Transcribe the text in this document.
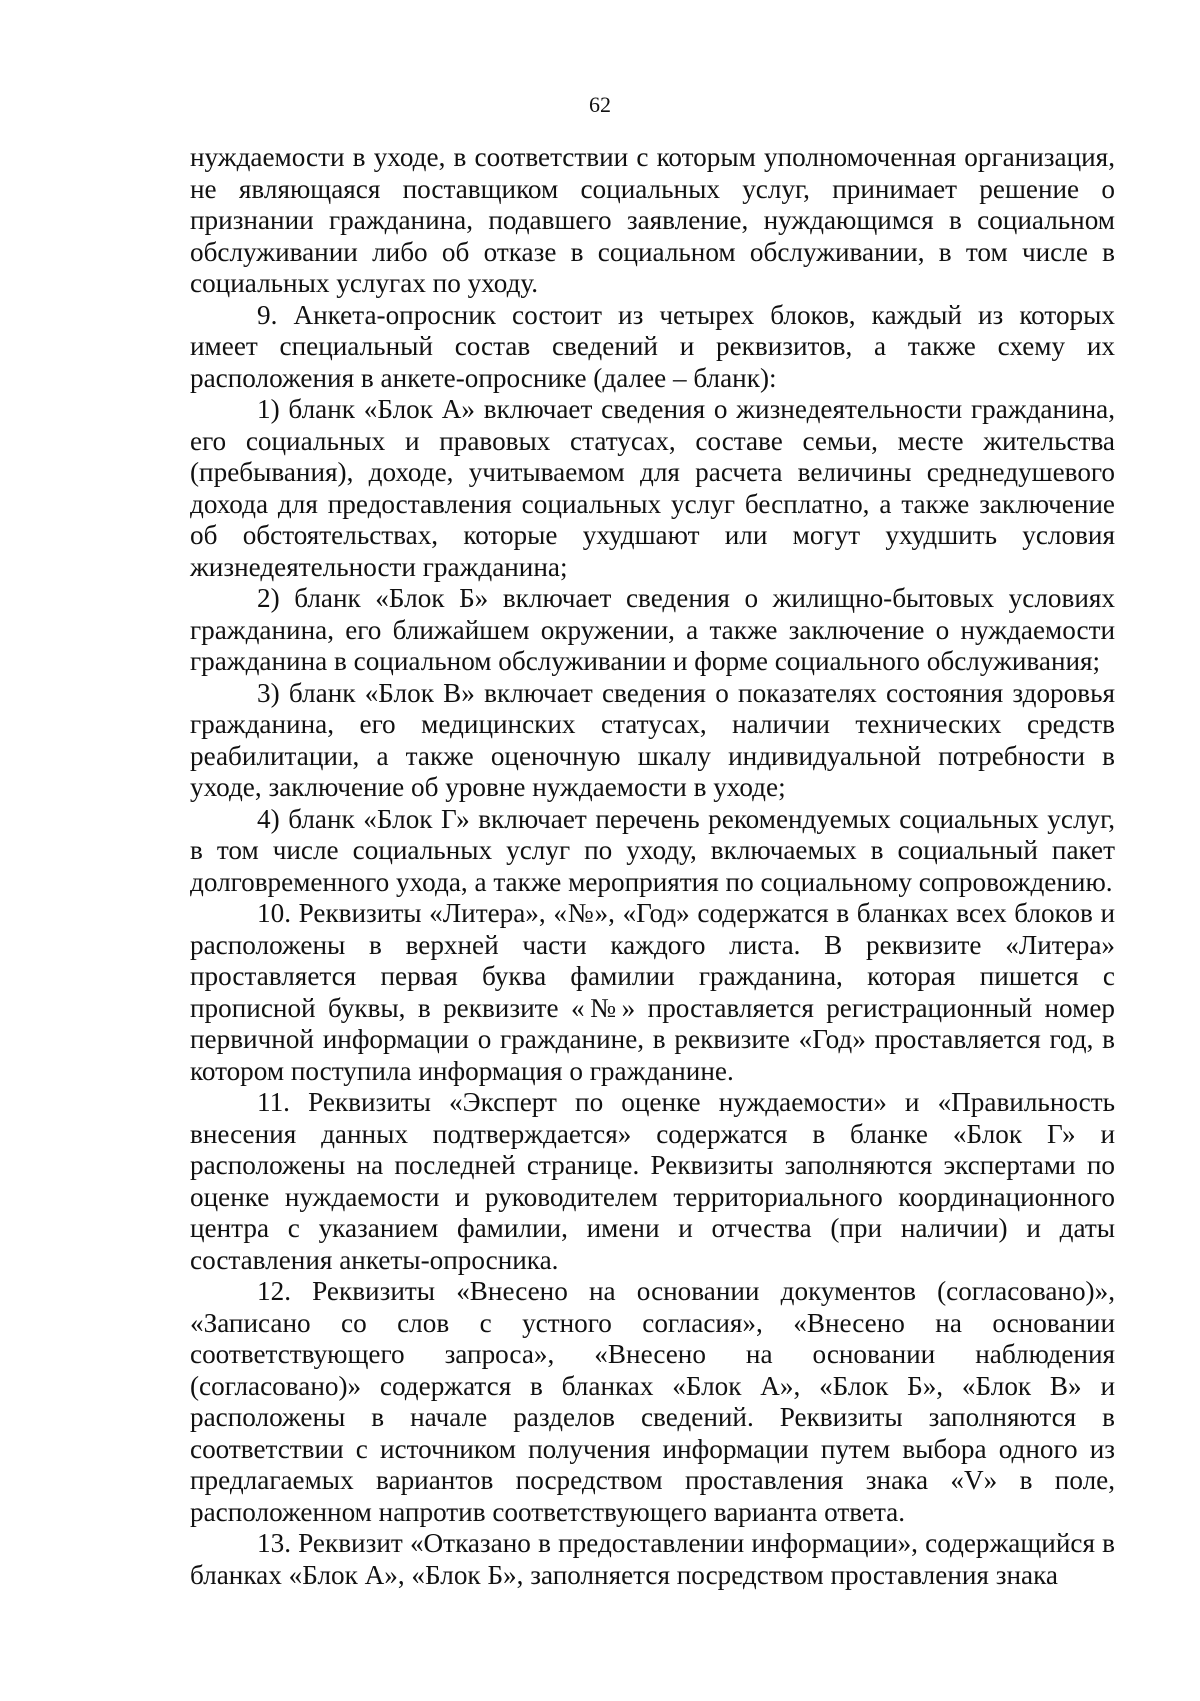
62

нуждаемости в уходе, в соответствии с которым уполномоченная организация, не являющаяся поставщиком социальных услуг, принимает решение о признании гражданина, подавшего заявление, нуждающимся в социальном обслуживании либо об отказе в социальном обслуживании, в том числе в социальных услугах по уходу.

9. Анкета-опросник состоит из четырех блоков, каждый из которых имеет специальный состав сведений и реквизитов, а также схему их расположения в анкете-опроснике (далее – бланк):

1) бланк «Блок А» включает сведения о жизнедеятельности гражданина, его социальных и правовых статусах, составе семьи, месте жительства (пребывания), доходе, учитываемом для расчета величины среднедушевого дохода для предоставления социальных услуг бесплатно, а также заключение об обстоятельствах, которые ухудшают или могут ухудшить условия жизнедеятельности гражданина;

2) бланк «Блок Б» включает сведения о жилищно-бытовых условиях гражданина, его ближайшем окружении, а также заключение о нуждаемости гражданина в социальном обслуживании и форме социального обслуживания;

3) бланк «Блок В» включает сведения о показателях состояния здоровья гражданина, его медицинских статусах, наличии технических средств реабилитации, а также оценочную шкалу индивидуальной потребности в уходе, заключение об уровне нуждаемости в уходе;

4) бланк «Блок Г» включает перечень рекомендуемых социальных услуг, в том числе социальных услуг по уходу, включаемых в социальный пакет долговременного ухода, а также мероприятия по социальному сопровождению.

10. Реквизиты «Литера», «№», «Год» содержатся в бланках всех блоков и расположены в верхней части каждого листа. В реквизите «Литера» проставляется первая буква фамилии гражданина, которая пишется с прописной буквы, в реквизите «№» проставляется регистрационный номер первичной информации о гражданине, в реквизите «Год» проставляется год, в котором поступила информация о гражданине.

11. Реквизиты «Эксперт по оценке нуждаемости» и «Правильность внесения данных подтверждается» содержатся в бланке «Блок Г» и расположены на последней странице. Реквизиты заполняются экспертами по оценке нуждаемости и руководителем территориального координационного центра с указанием фамилии, имени и отчества (при наличии) и даты составления анкеты-опросника.

12. Реквизиты «Внесено на основании документов (согласовано)», «Записано со слов с устного согласия», «Внесено на основании соответствующего запроса», «Внесено на основании наблюдения (согласовано)» содержатся в бланках «Блок А», «Блок Б», «Блок В» и расположены в начале разделов сведений. Реквизиты заполняются в соответствии с источником получения информации путем выбора одного из предлагаемых вариантов посредством проставления знака «V» в поле, расположенном напротив соответствующего варианта ответа.

13. Реквизит «Отказано в предоставлении информации», содержащийся в бланках «Блок А», «Блок Б», заполняется посредством проставления знака
